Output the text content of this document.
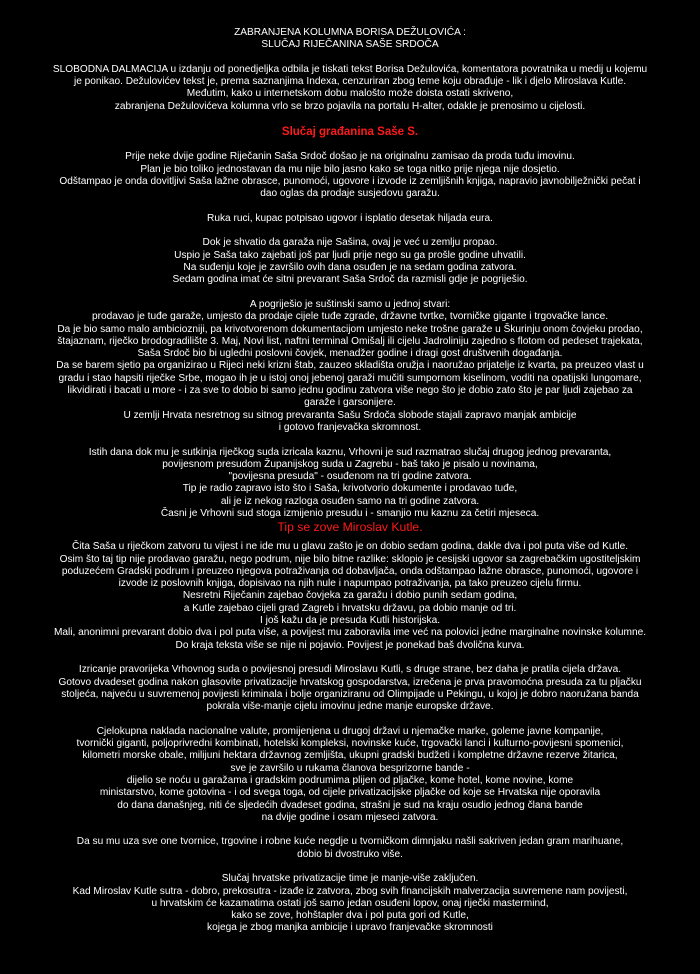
ZABRANJENA KOLUMNA BORISA DEŽULOVIĆA :
SLUČAJ RIJEČANINA SAŠE SRDOČA
SLOBODNA DALMACIJA u izdanju od ponedjeljka odbila je tiskati tekst Borisa Dežulovića, komentatora povratnika u medij u kojemu
je ponikao. Dežulovićev tekst je, prema saznanjima Indexa, cenzuriran zbog teme koju obrađuje - lik i djelo Miroslava Kutle.
Međutim, kako u internetskom dobu malošto može doista ostati skriveno,
zabranjena Dežulovićeva kolumna vrlo se brzo pojavila na portalu H-alter, odakle je prenosimo u cijelosti.
Slučaj građanina Saše S.
Prije neke dvije godine Riječanin Saša Srdoč došao je na originalnu zamisao da proda tuđu imovinu.
Plan je bio toliko jednostavan da mu nije bilo jasno kako se toga nitko prije njega nije dosjetio.
Odštampao je onda dovitljivi Saša lažne obrasce, punomoći, ugovore i izvode iz zemljišnih knjiga, napravio javnobilježnički pečat i
dao oglas da prodaje susjedovu garažu.
Ruka ruci, kupac potpisao ugovor i isplatio desetak hiljada eura.
Dok je shvatio da garaža nije Sašina, ovaj je već u zemlju propao.
Uspio je Saša tako zajebati još par ljudi prije nego su ga prošle godine uhvatili.
Na suđenju koje je završilo ovih dana osuđen je na sedam godina zatvora.
Sedam godina imat će sitni prevarant Saša Srdoč da razmisli gdje je pogriješio.
A pogriješio je suštinski samo u jednoj stvari:
prodavao je tuđe garaže, umjesto da prodaje cijele tuđe zgrade, državne tvrtke, tvorničke gigante i trgovačke lance.
Da je bio samo malo ambiciozniji, pa krivotvorenom dokumentacijom umjesto neke trošne garaže u Škurinju onom čovjeku prodao,
štajaznam, riječko brodogradilište 3. Maj, Novi list, naftni terminal Omišalj ili cijelu Jadroliniju zajedno s flotom od pedeset trajekata,
Saša Srdoč bio bi ugledni poslovni čovjek, menadžer godine i dragi gost društvenih događanja.
Da se barem sjetio pa organizirao u Rijeci neki krizni štab, zauzeo skladišta oružja i naoružao prijatelje iz kvarta, pa preuzeo vlast u
gradu i stao hapsiti riječke Srbe, mogao ih je u istoj onoj jebenoj garaži mučiti sumpornom kiselinom, voditi na opatijski lungomare,
likvidirati i bacati u more - i za sve to dobio bi samo jednu godinu zatvora više nego što je dobio zato što je par ljudi zajebao za
garaže i garsonijere.
U zemlji Hrvata nesretnog su sitnog prevaranta Sašu Srdoča slobode stajali zapravo manjak ambicije
i gotovo franjevačka skromnost.
Istih dana dok mu je sutkinja riječkog suda izricala kaznu, Vrhovni je sud razmatrao slučaj drugog jednog prevaranta,
povijesnom presudom Županijskog suda u Zagrebu - baš tako je pisalo u novinama,
"povijesna presuda" - osuđenom na tri godine zatvora.
Tip je radio zapravo isto što i Saša, krivotvorio dokumente i prodavao tuđe,
ali je iz nekog razloga osuđen samo na tri godine zatvora.
Časni je Vrhovni sud stoga izmijenio presudu i - smanjio mu kaznu za četiri mjeseca.
Tip se zove Miroslav Kutle.
Čita Saša u riječkom zatvoru tu vijest i ne ide mu u glavu zašto je on dobio sedam godina, dakle dva i pol puta više od Kutle.
Osim što taj tip nije prodavao garažu, nego podrum, nije bilo bitne razlike: sklopio je cesijski ugovor sa zagrebačkim ugostiteljskim
poduzećem Gradski podrum i preuzeo njegova potraživanja od dobavljača, onda odštampao lažne obrasce, punomoći, ugovore i
izvode iz poslovnih knjiga, dopisivao na njih nule i napumpao potraživanja, pa tako preuzeo cijelu firmu.
Nesretni Riječanin zajebao čovjeka za garažu i dobio punih sedam godina,
a Kutle zajebao cijeli grad Zagreb i hrvatsku državu, pa dobio manje od tri.
I još kažu da je presuda Kutli historijska.
Mali, anonimni prevarant dobio dva i pol puta više, a povijest mu zaboravila ime već na polovici jedne marginalne novinske kolumne.
Do kraja teksta više se nije ni pojavio. Povijest je ponekad baš dvolična kurva.
Izricanje pravorijeka Vrhovnog suda o povijesnoj presudi Miroslavu Kutli, s druge strane, bez daha je pratila cijela država.
Gotovo dvadeset godina nakon glasovite privatizacije hrvatskog gospodarstva, izrečena je prva pravomoćna presuda za tu pljačku
stoljeća, najveću u suvremenoj povijesti kriminala i bolje organiziranu od Olimpijade u Pekingu, u kojoj je dobro naoružana banda
pokrala više-manje cijelu imovinu jedne manje europske države.
Cjelokupna naklada nacionalne valute, promijenjena u drugoj državi u njemačke marke, goleme javne kompanije,
tvornički giganti, poljoprivredni kombinati, hotelski kompleksi, novinske kuće, trgovački lanci i kulturno-povijesni spomenici,
kilometri morske obale, milijuni hektara državnog zemljišta, ukupni gradski budžeti i kompletne državne rezerve žitarica,
sve je završilo u rukama članova besprizorne bande -
dijelio se noću u garažama i gradskim podrumima plijen od pljačke, kome hotel, kome novine, kome
ministarstvo, kome gotovina - i od svega toga, od cijele privatizacijske pljačke od koje se Hrvatska nije oporavila
do dana današnjeg, niti će sljedećih dvadeset godina, strašni je sud na kraju osudio jednog člana bande
na dvije godine i osam mjeseci zatvora.
Da su mu uza sve one tvornice, trgovine i robne kuće negdje u tvorničkom dimnjaku našli sakriven jedan gram marihuane,
dobio bi dvostruko više.
Slučaj hrvatske privatizacije time je manje-više zaključen.
Kad Miroslav Kutle sutra - dobro, prekosutra - izađe iz zatvora, zbog svih financijskih malverzacija suvremene nam povijesti,
u hrvatskim će kazamatima ostati još samo jedan osuđeni lopov, onaj riječki mastermind,
kako se zove, hohštapler dva i pol puta gori od Kutle,
kojega je zbog manjka ambicije i upravo franjevačke skromnosti
